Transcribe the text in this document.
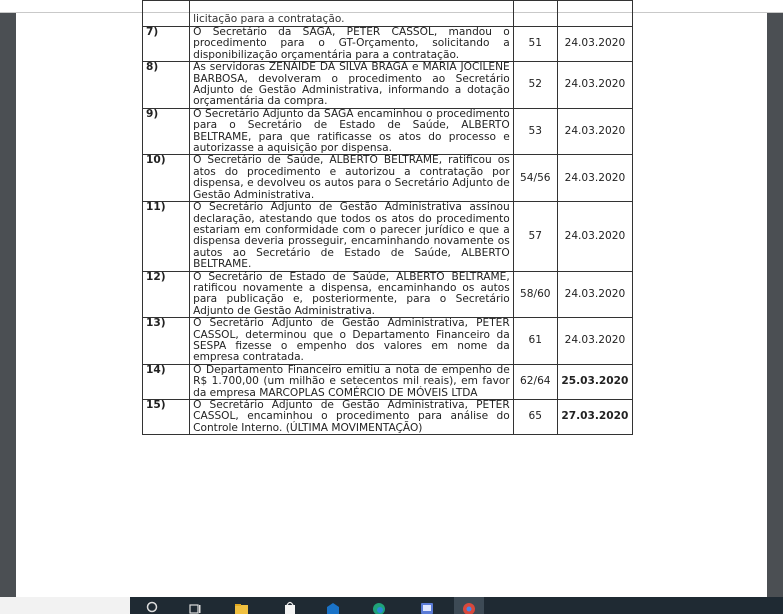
	licitação para a contratação.		
7)	O Secretário da SAGA, PETER CASSOL, mandou o procedimento para o GT-Orçamento, solicitando a disponibilização orçamentária para a contratação.	51	24.03.2020
8)	As servidoras ZENAIDE DA SILVA BRAGA e MARIA JOCILENE BARBOSA, devolveram o procedimento ao Secretário Adjunto de Gestão Administrativa, informando a dotação orçamentária da compra.	52	24.03.2020
9)	O Secretário Adjunto da SAGA encaminhou o procedimento para o Secretário de Estado de Saúde, ALBERTO BELTRAME, para que ratificasse os atos do processo e autorizasse a aquisição por dispensa.	53	24.03.2020
10)	O Secretário de Saúde, ALBERTO BELTRAME, ratificou os atos do procedimento e autorizou a contratação por dispensa, e devolveu os autos para o Secretário Adjunto de Gestão Administrativa.	54/56	24.03.2020
11)	O Secretário Adjunto de Gestão Administrativa assinou declaração, atestando que todos os atos do procedimento estariam em conformidade com o parecer jurídico e que a dispensa deveria prosseguir, encaminhando novamente os autos ao Secretário de Estado de Saúde, ALBERTO BELTRAME.	57	24.03.2020
12)	O Secretário de Estado de Saúde, ALBERTO BELTRAME, ratificou novamente a dispensa, encaminhando os autos para publicação e, posteriormente, para o Secretário Adjunto de Gestão Administrativa.	58/60	24.03.2020
13)	O Secretário Adjunto de Gestão Administrativa, PETER CASSOL, determinou que o Departamento Financeiro da SESPA fizesse o empenho dos valores em nome da empresa contratada.	61	24.03.2020
14)	O Departamento Financeiro emitiu a nota de empenho de R$ 1.700,00 (um milhão e setecentos mil reais), em favor da empresa MARCOPLAS COMÉRCIO DE MÓVEIS LTDA	62/64	25.03.2020
15)	O Secretário Adjunto de Gestão Administrativa, PETER CASSOL, encaminhou o procedimento para análise do Controle Interno. (ÚLTIMA MOVIMENTAÇÃO)	65	27.03.2020
